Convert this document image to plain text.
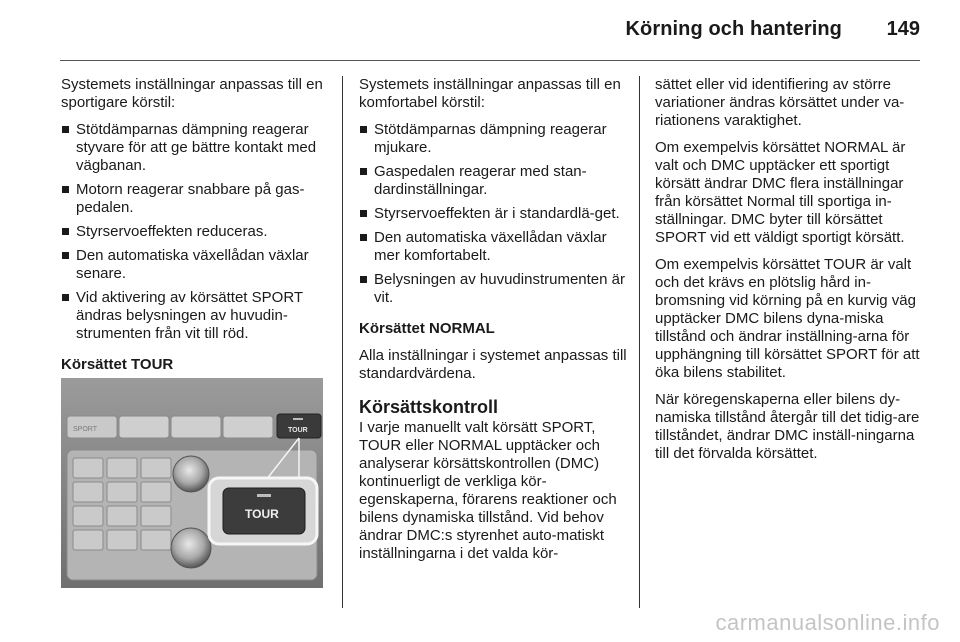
Körning och hantering 149

Systemets inställningar anpassas till en sportigare körstil:

Stötdämparnas dämpning reagerar styvare för att ge bättre kontakt med vägbanan.
Motorn reagerar snabbare på gas-pedalen.
Styrservoeffekten reduceras.
Den automatiska växellådan växlar senare.
Vid aktivering av körsättet SPORT ändras belysningen av huvudin-strumenten från vit till röd.

Körsättet TOUR

SPORT	TOUR
TOUR

Systemets inställningar anpassas till en komfortabel körstil:

Stötdämparnas dämpning reagerar mjukare.
Gaspedalen reagerar med stan-dardinställningar.
Styrservoeffekten är i standardlä-get.
Den automatiska växellådan växlar mer komfortabelt.
Belysningen av huvudinstrumenten är vit.

Körsättet NORMAL

Alla inställningar i systemet anpassas till standardvärdena.

Körsättskontroll

I varje manuellt valt körsätt SPORT, TOUR eller NORMAL upptäcker och analyserar körsättskontrollen (DMC) kontinuerligt de verkliga kör-egenskaperna, förarens reaktioner och bilens dynamiska tillstånd. Vid behov ändrar DMC:s styrenhet auto-matiskt inställningarna i det valda kör-

sättet eller vid identifiering av större variationer ändras körsättet under va-riationens varaktighet.

Om exempelvis körsättet NORMAL är valt och DMC upptäcker ett sportigt körsätt ändrar DMC flera inställningar från körsättet Normal till sportiga in-ställningar. DMC byter till körsättet SPORT vid ett väldigt sportigt körsätt.

Om exempelvis körsättet TOUR är valt och det krävs en plötslig hård in-bromsning vid körning på en kurvig väg upptäcker DMC bilens dyna-miska tillstånd och ändrar inställning-arna för upphängning till körsättet SPORT för att öka bilens stabilitet.

När köregenskaperna eller bilens dy-namiska tillstånd återgår till det tidig-are tillståndet, ändrar DMC inställ-ningarna till det förvalda körsättet.

carmanualsonline.info
